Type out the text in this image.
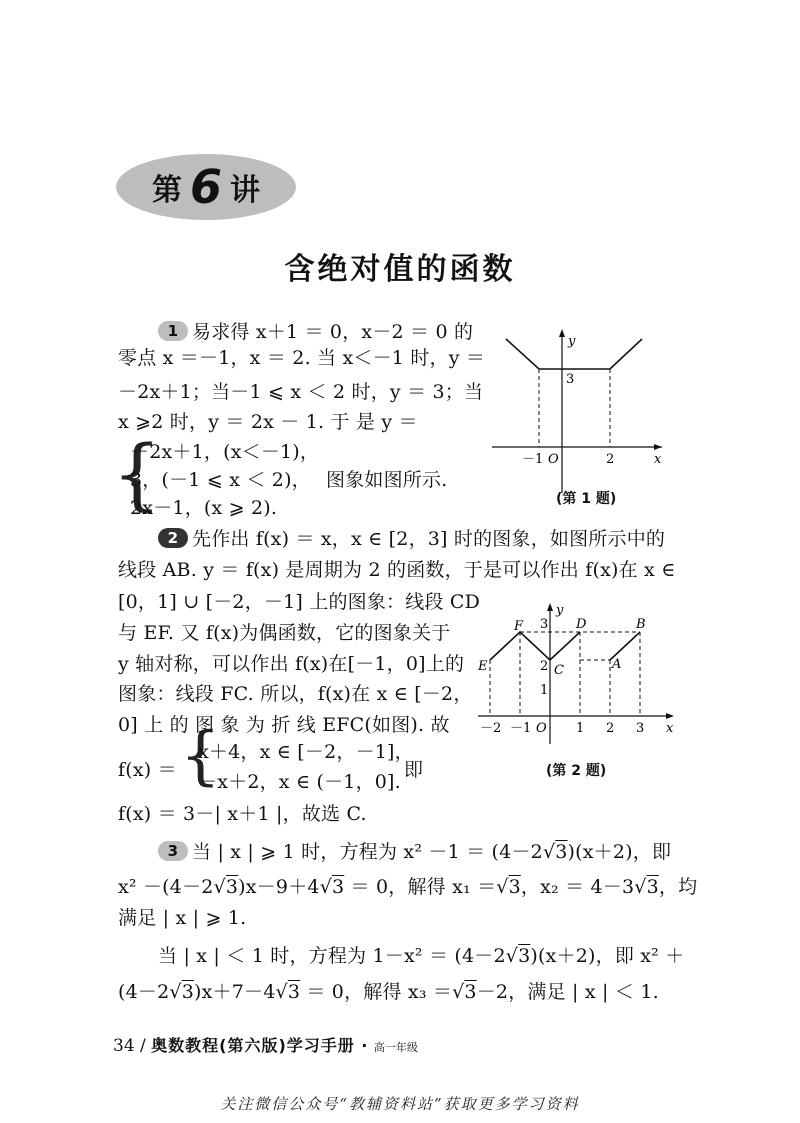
第 6 讲
含绝对值的函数
1 易求得 x＋1 ＝ 0，x－2 ＝ 0 的
零点 x ＝－1，x ＝ 2. 当 x＜－1 时，y ＝
－2x＋1；当－1 ⩽ x ＜ 2 时，y ＝ 3；当
x ⩾2 时，y ＝ 2x － 1. 于 是 y ＝
{
－2x＋1，(x＜－1)，
3，(－1 ⩽ x ＜ 2)，
2x－1，(x ⩾ 2).
图象如图所示.
y
x
3
－1 O	2
(第 1 题)
2 先作出 f(x) ＝ x，x ∈ [2，3] 时的图象，如图所示中的
线段 AB. y ＝ f(x) 是周期为 2 的函数，于是可以作出 f(x)在 x ∈
[0，1] ∪ [－2，－1] 上的图象：线段 CD
与 EF. 又 f(x)为偶函数，它的图象关于
y 轴对称，可以作出 f(x)在[－1，0]上的
图象：线段 FC. 所以，f(x)在 x ∈ [－2，
0] 上 的 图 象 为 折 线 EFC(如图). 故
f(x) ＝ {
x＋4，x ∈ [－2，－1]，
－x＋2，x ∈ (－1，0].
即
f(x) ＝ 3－| x＋1 |，故选 C.
y
x
E
F
C
D
A
B
3
2
1
－2 －1 O 1 2 3
(第 2 题)
3 当 | x | ⩾ 1 时，方程为 x² －1 ＝ (4－2√3)(x＋2)，即
x² －(4－2√3)x－9＋4√3 ＝ 0，解得 x₁ ＝√3，x₂ ＝ 4－3√3，均
满足 | x | ⩾ 1.
当 | x | ＜ 1 时，方程为 1－x² ＝ (4－2√3)(x＋2)，即 x² ＋
(4－2√3)x＋7－4√3 ＝ 0，解得 x₃ ＝√3－2，满足 | x | ＜ 1.
34 / 奥数教程(第六版)学习手册 · 高一年级
关注微信公众号“教辅资料站”获取更多学习资料
